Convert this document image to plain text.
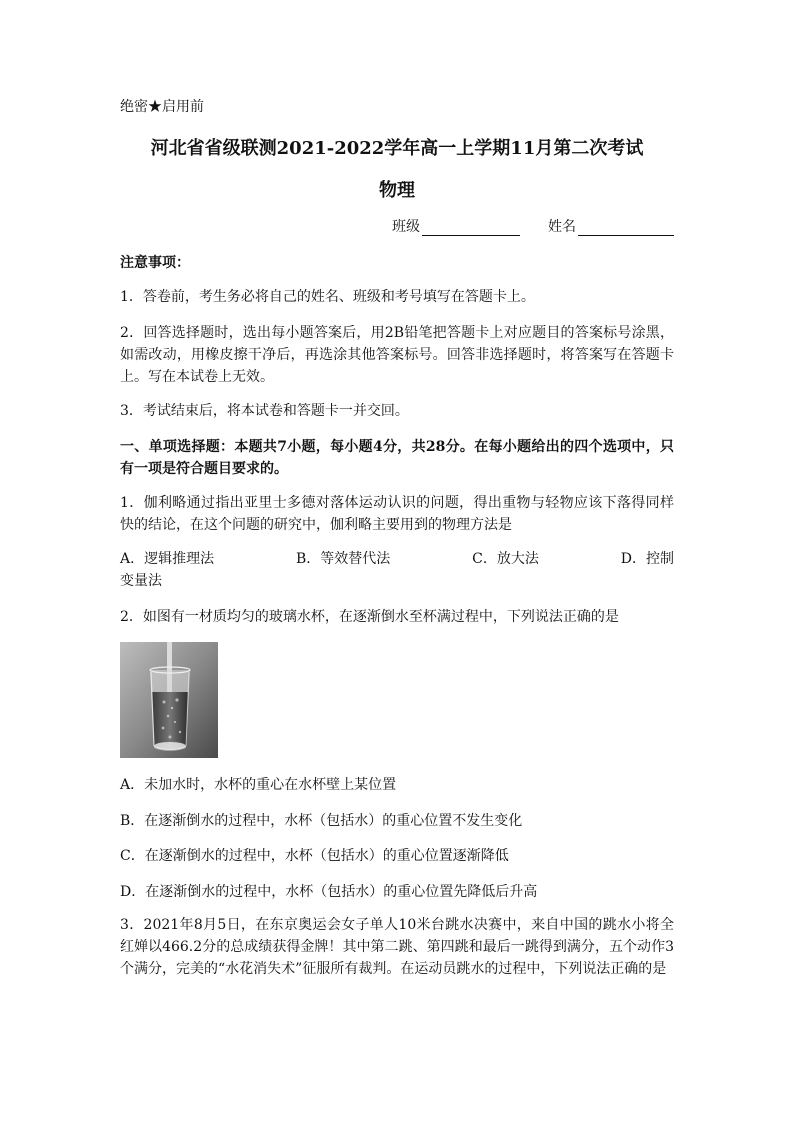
绝密★启用前
河北省省级联测2021-2022学年高一上学期11月第二次考试
物理
班级	姓名
注意事项：
1．答卷前，考生务必将自己的姓名、班级和考号填写在答题卡上。
2．回答选择题时，选出每小题答案后，用2B铅笔把答题卡上对应题目的答案标号涂黑，如需改动，用橡皮擦干净后，再选涂其他答案标号。回答非选择题时，将答案写在答题卡上。写在本试卷上无效。
3．考试结束后，将本试卷和答题卡一并交回。
一、单项选择题：本题共7小题，每小题4分，共28分。在每小题给出的四个选项中，只有一项是符合题目要求的。
1．伽利略通过指出亚里士多德对落体运动认识的问题，得出重物与轻物应该下落得同样快的结论，在这个问题的研究中，伽利略主要用到的物理方法是
A．逻辑推理法	B．等效替代法	C．放大法	D．控制
变量法
2．如图有一材质均匀的玻璃水杯，在逐渐倒水至杯满过程中，下列说法正确的是
A．未加水时，水杯的重心在水杯壁上某位置
B．在逐渐倒水的过程中，水杯（包括水）的重心位置不发生变化
C．在逐渐倒水的过程中，水杯（包括水）的重心位置逐渐降低
D．在逐渐倒水的过程中，水杯（包括水）的重心位置先降低后升高
3．2021年8月5日，在东京奥运会女子单人10米台跳水决赛中，来自中国的跳水小将全红婵以466.2分的总成绩获得金牌！其中第二跳、第四跳和最后一跳得到满分，五个动作3个满分，完美的“水花消失术”征服所有裁判。在运动员跳水的过程中，下列说法正确的是
